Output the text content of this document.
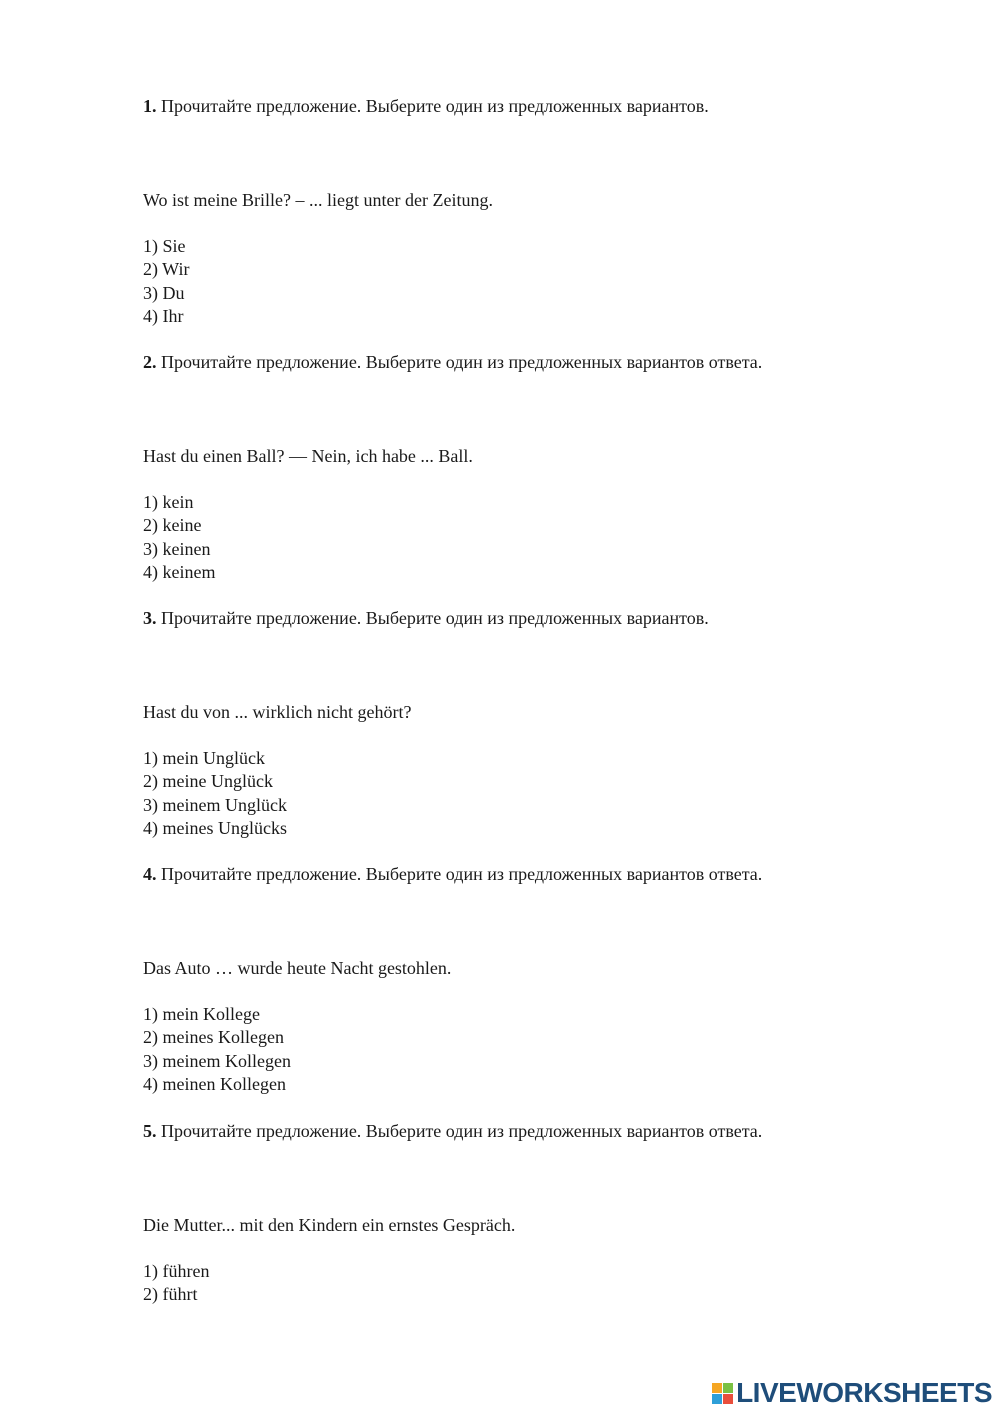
1. Прочитайте предложение. Выберите один из предложенных вариантов.

Wo ist meine Brille? – ... liegt unter der Zeitung.

1) Sie
2) Wir
3) Du
4) Ihr

2. Прочитайте предложение. Выберите один из предложенных вариантов ответа.

Hast du einen Ball? — Nein, ich habe ... Ball.

1) kein
2) keine
3) keinen
4) keinem

3. Прочитайте предложение. Выберите один из предложенных вариантов.

Hast du von ... wirklich nicht gehört?

1) mein Unglück
2) meine Unglück
3) meinem Unglück
4) meines Unglücks

4. Прочитайте предложение. Выберите один из предложенных вариантов ответа.

Das Auto … wurde heute Nacht gestohlen.

1) mein Kollege
2) meines Kollegen
3) meinem Kollegen
4) meinen Kollegen

5. Прочитайте предложение. Выберите один из предложенных вариантов ответа.

Die Mutter... mit den Kindern ein ernstes Gespräch.

1) führen
2) führt
LIVEWORKSHEETS
